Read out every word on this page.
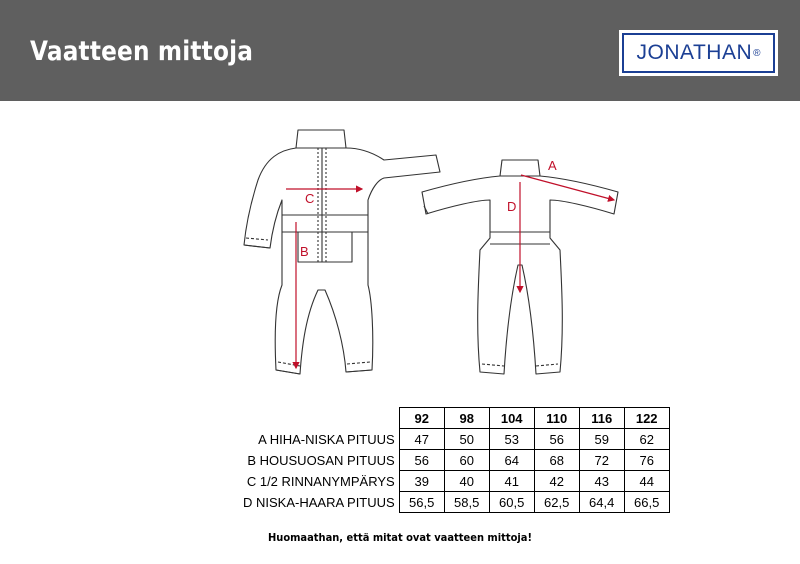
Vaatteen mittoja	JONATHAN ®
C
B
A
D
	92	98	104	110	116	122
A HIHA-NISKA PITUUS	47	50	53	56	59	62
B HOUSUOSAN PITUUS	56	60	64	68	72	76
C 1/2 RINNANYMPÄRYS	39	40	41	42	43	44
D NISKA-HAARA PITUUS	56,5	58,5	60,5	62,5	64,4	66,5
Huomaathan, että mitat ovat vaatteen mittoja!
